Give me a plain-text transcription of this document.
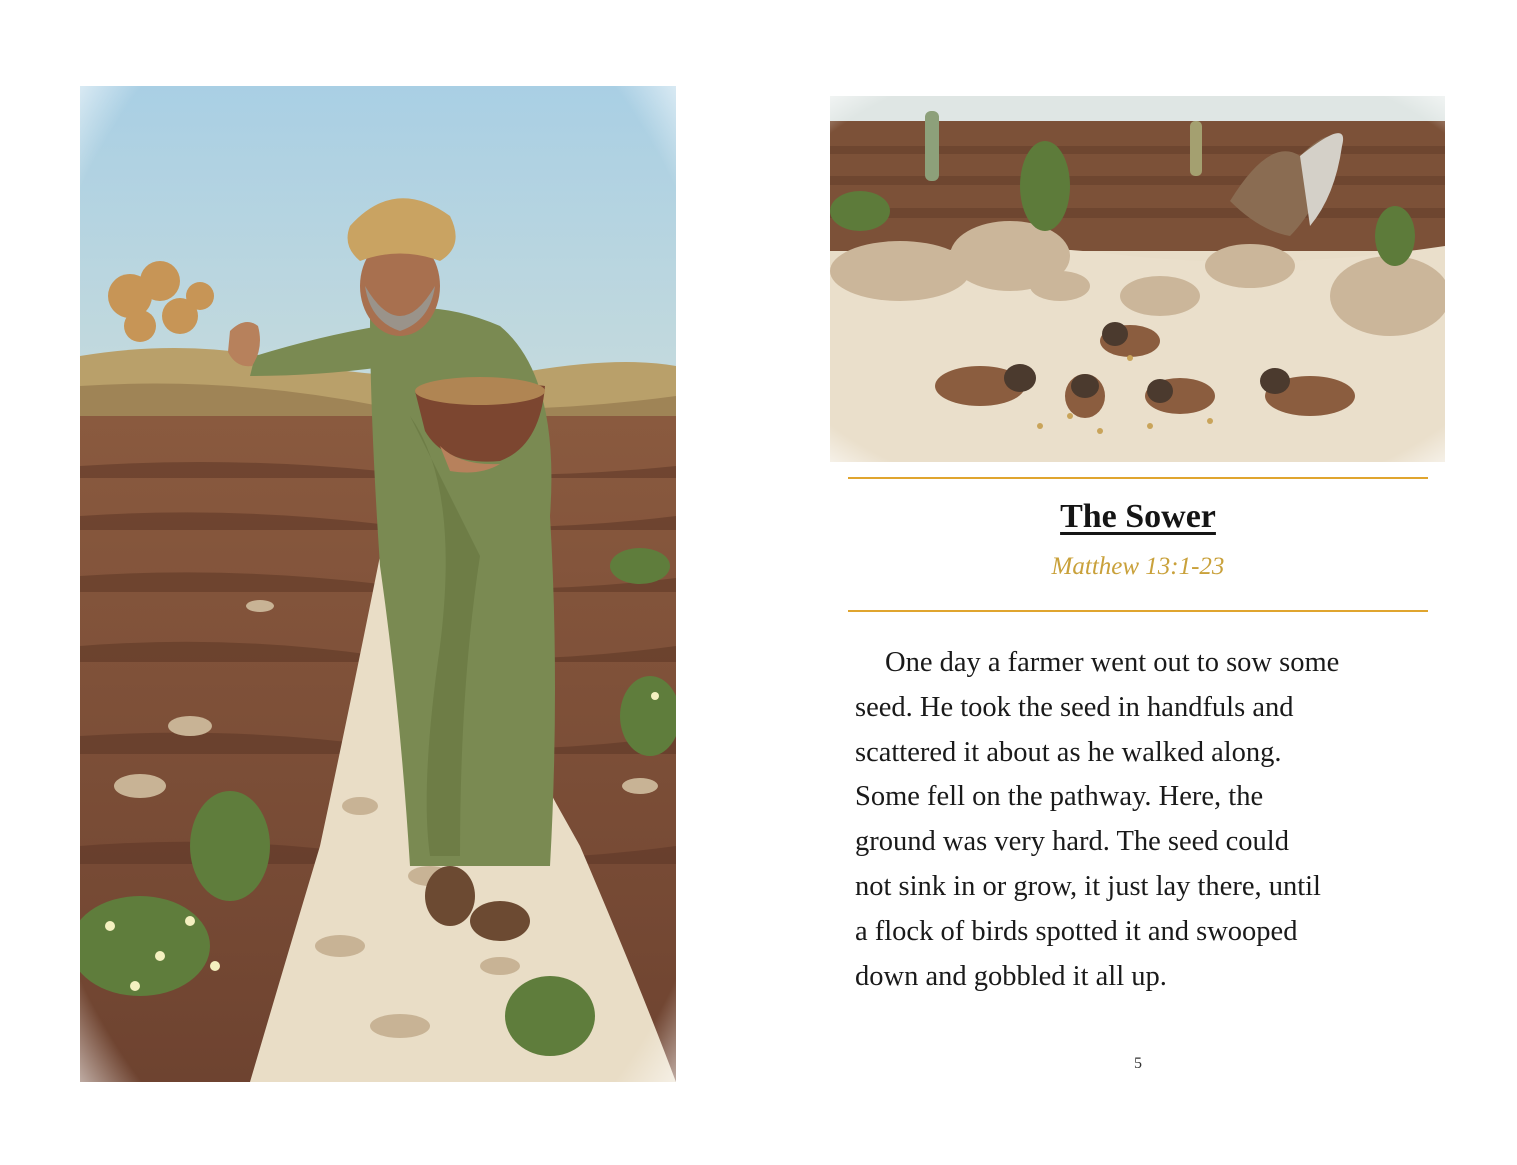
The Sower
Matthew 13:1-23
One day a farmer went out to sow some
seed. He took the seed in handfuls and
scattered it about as he walked along.
Some fell on the pathway. Here, the
ground was very hard. The seed could
not sink in or grow, it just lay there, until
a flock of birds spotted it and swooped
down and gobbled it all up.
5
